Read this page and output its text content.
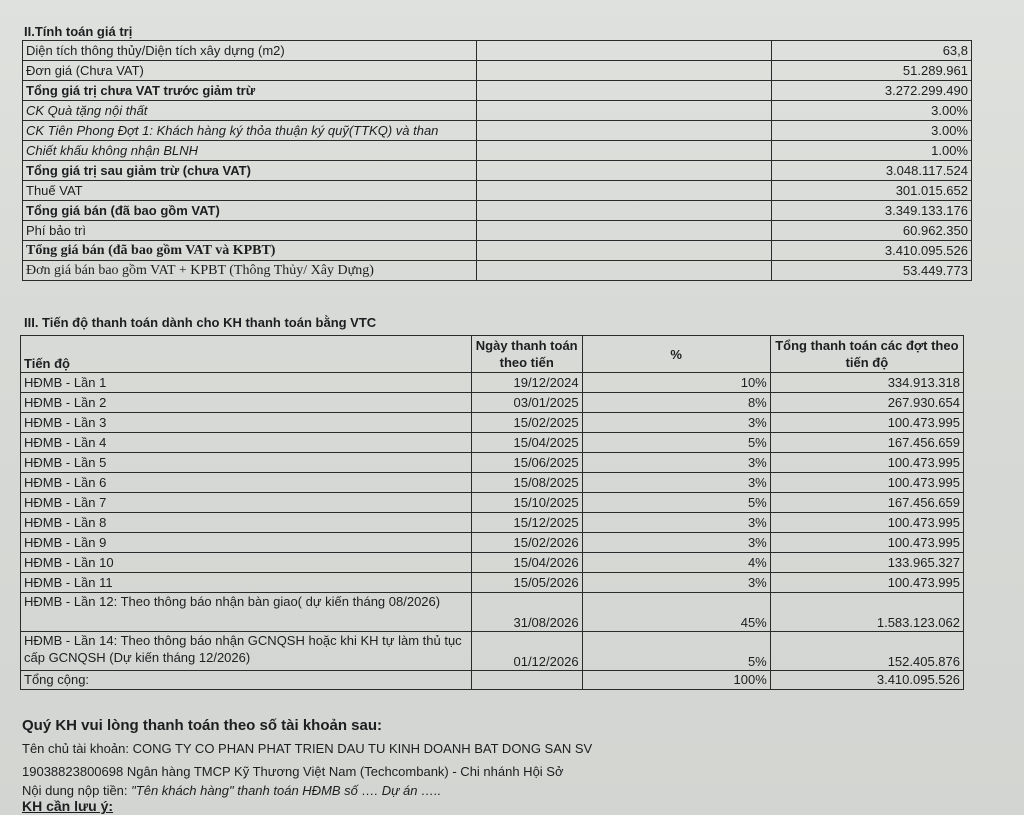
II.Tính toán giá trị
Diện tích thông thủy/Diện tích xây dựng (m2)		63,8
Đơn giá (Chưa VAT)		51.289.961
Tổng giá trị chưa VAT trước giảm trừ		3.272.299.490
CK Quà tặng nội thất		3.00%
CK Tiên Phong Đợt 1: Khách hàng ký thỏa thuận ký quỹ(TTKQ) và than		3.00%
Chiết khấu không nhận BLNH		1.00%
Tổng giá trị sau giảm trừ (chưa VAT)		3.048.117.524
Thuế VAT		301.015.652
Tổng giá bán (đã bao gồm VAT)		3.349.133.176
Phí bảo trì		60.962.350
Tổng giá bán (đã bao gồm VAT và KPBT)		3.410.095.526
Đơn giá bán bao gồm VAT + KPBT (Thông Thủy/ Xây Dựng)		53.449.773
III. Tiến độ thanh toán dành cho KH thanh toán bằng VTC
Tiến độ	Ngày thanh toán theo tiến	%	Tổng thanh toán các đợt theo tiến độ
HĐMB - Lần 1	19/12/2024	10%	334.913.318
HĐMB - Lần 2	03/01/2025	8%	267.930.654
HĐMB - Lần 3	15/02/2025	3%	100.473.995
HĐMB - Lần 4	15/04/2025	5%	167.456.659
HĐMB - Lần 5	15/06/2025	3%	100.473.995
HĐMB - Lần 6	15/08/2025	3%	100.473.995
HĐMB - Lần 7	15/10/2025	5%	167.456.659
HĐMB - Lần 8	15/12/2025	3%	100.473.995
HĐMB - Lần 9	15/02/2026	3%	100.473.995
HĐMB - Lần 10	15/04/2026	4%	133.965.327
HĐMB - Lần 11	15/05/2026	3%	100.473.995
HĐMB - Lần 12: Theo thông báo nhận bàn giao( dự kiến tháng 08/2026)	31/08/2026	45%	1.583.123.062
HĐMB - Lần 14: Theo thông báo nhận GCNQSH hoặc khi KH tự làm thủ tục cấp GCNQSH (Dự kiến tháng 12/2026)	01/12/2026	5%	152.405.876
Tổng cộng:		100%	3.410.095.526
Quý KH vui lòng thanh toán theo số tài khoản sau:
Tên chủ tài khoản: CONG TY CO PHAN PHAT TRIEN DAU TU KINH DOANH BAT DONG SAN SV
19038823800698 Ngân hàng TMCP Kỹ Thương Việt Nam (Techcombank) - Chi nhánh Hội Sở
Nội dung nộp tiền: "Tên khách hàng" thanh toán HĐMB số …. Dự án …..
KH cần lưu ý:
